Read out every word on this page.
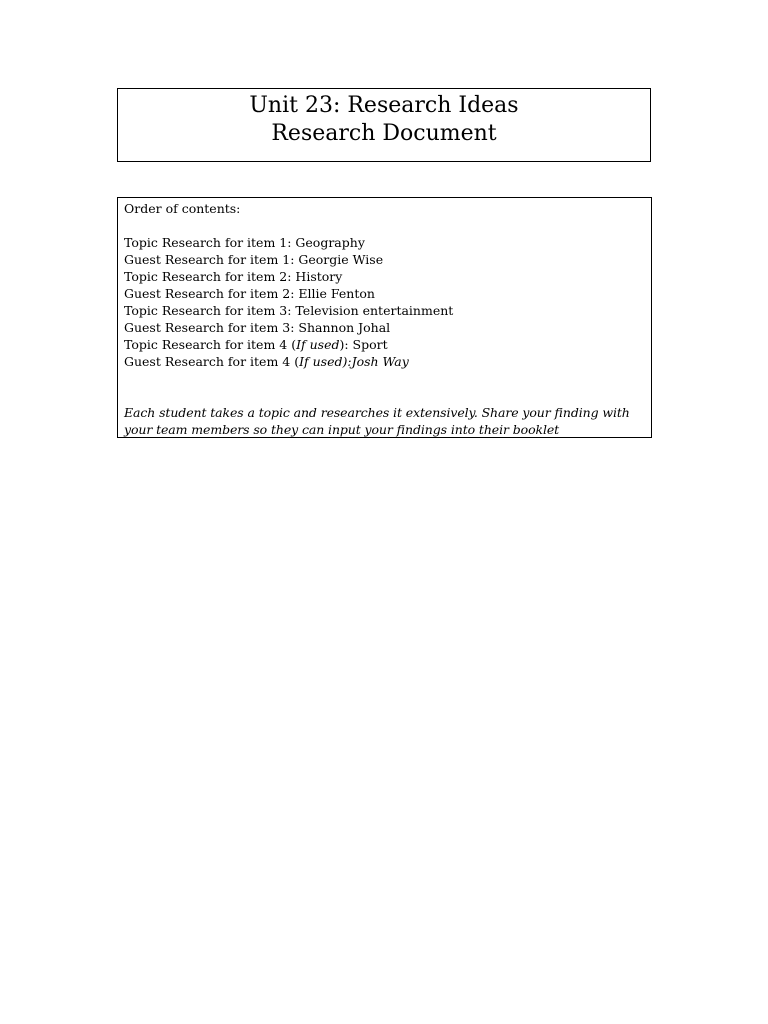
Unit 23: Research Ideas
Research Document
Order of contents:
Topic Research for item 1: Geography
Guest Research for item 1: Georgie Wise
Topic Research for item 2: History
Guest Research for item 2: Ellie Fenton
Topic Research for item 3: Television entertainment
Guest Research for item 3: Shannon Johal
Topic Research for item 4 (If used): Sport
Guest Research for item 4 (If used):Josh Way
Each student takes a topic and researches it extensively. Share your finding with your team members so they can input your findings into their booklet
